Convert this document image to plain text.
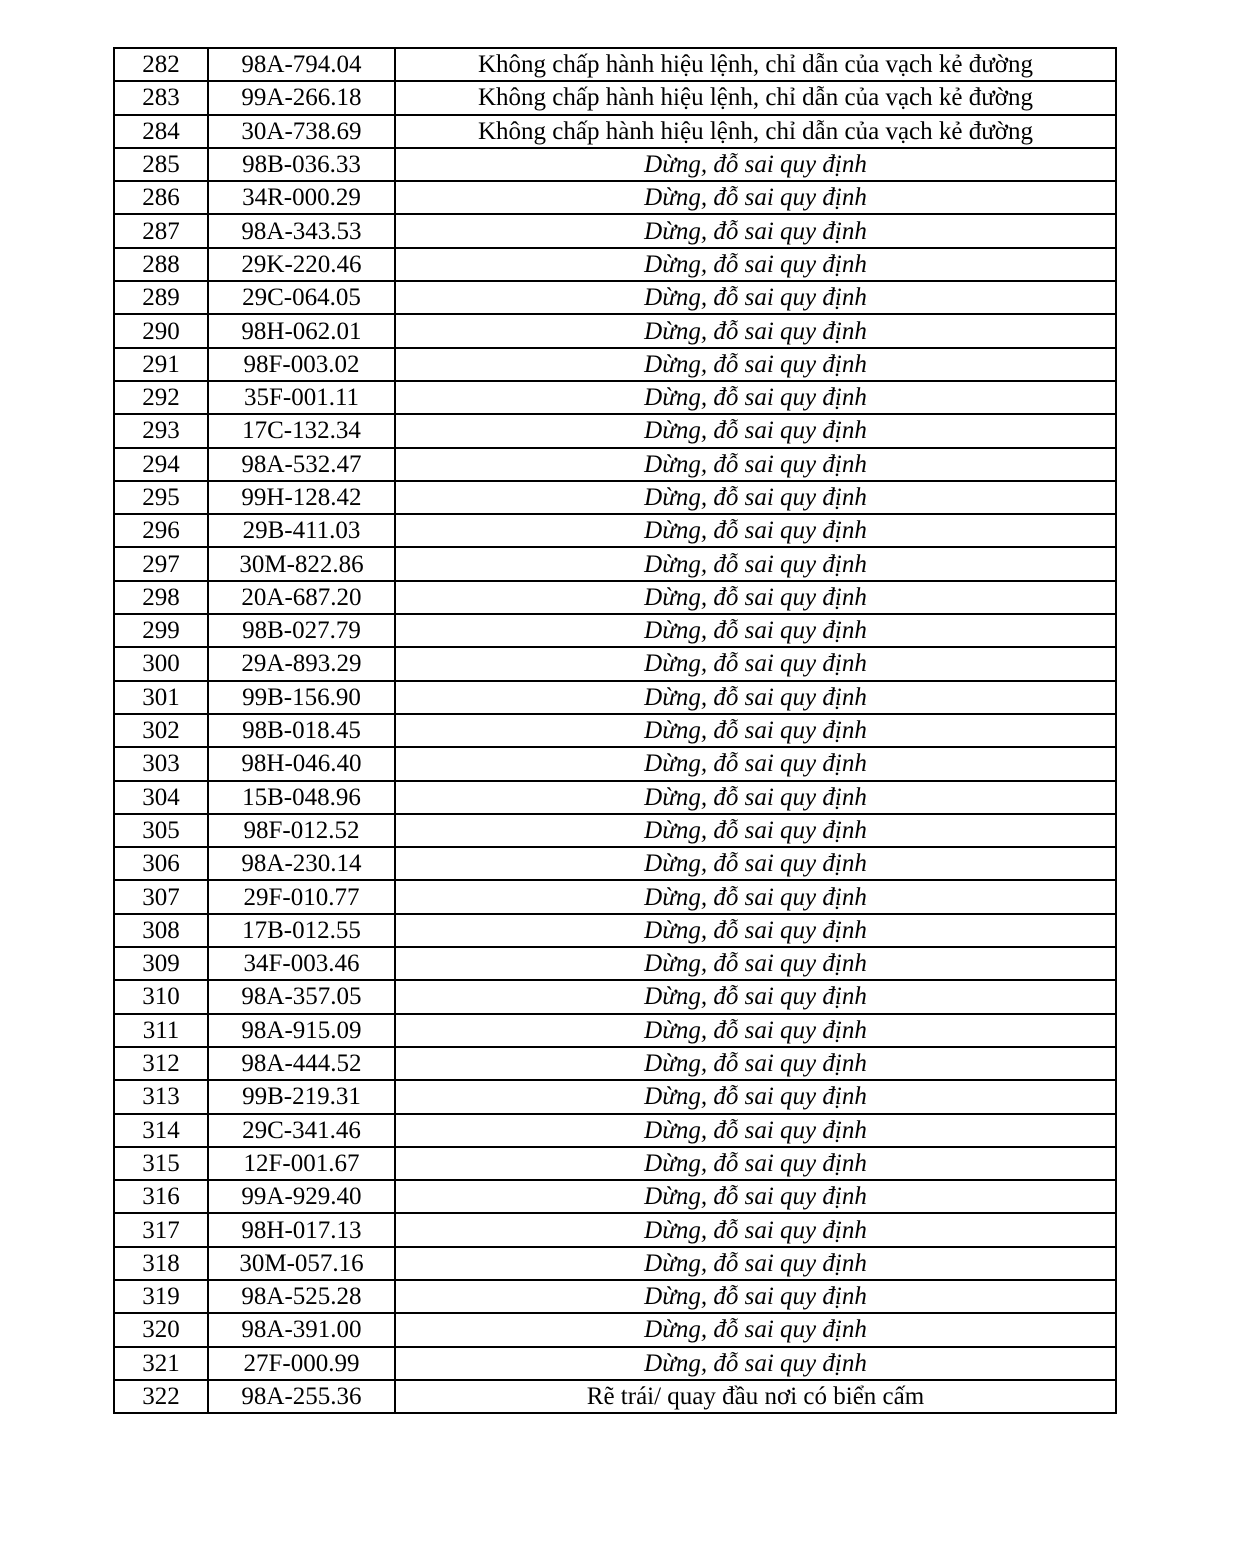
282	98A-794.04	Không chấp hành hiệu lệnh, chỉ dẫn của vạch kẻ đường
283	99A-266.18	Không chấp hành hiệu lệnh, chỉ dẫn của vạch kẻ đường
284	30A-738.69	Không chấp hành hiệu lệnh, chỉ dẫn của vạch kẻ đường
285	98B-036.33	Dừng, đỗ sai quy định
286	34R-000.29	Dừng, đỗ sai quy định
287	98A-343.53	Dừng, đỗ sai quy định
288	29K-220.46	Dừng, đỗ sai quy định
289	29C-064.05	Dừng, đỗ sai quy định
290	98H-062.01	Dừng, đỗ sai quy định
291	98F-003.02	Dừng, đỗ sai quy định
292	35F-001.11	Dừng, đỗ sai quy định
293	17C-132.34	Dừng, đỗ sai quy định
294	98A-532.47	Dừng, đỗ sai quy định
295	99H-128.42	Dừng, đỗ sai quy định
296	29B-411.03	Dừng, đỗ sai quy định
297	30M-822.86	Dừng, đỗ sai quy định
298	20A-687.20	Dừng, đỗ sai quy định
299	98B-027.79	Dừng, đỗ sai quy định
300	29A-893.29	Dừng, đỗ sai quy định
301	99B-156.90	Dừng, đỗ sai quy định
302	98B-018.45	Dừng, đỗ sai quy định
303	98H-046.40	Dừng, đỗ sai quy định
304	15B-048.96	Dừng, đỗ sai quy định
305	98F-012.52	Dừng, đỗ sai quy định
306	98A-230.14	Dừng, đỗ sai quy định
307	29F-010.77	Dừng, đỗ sai quy định
308	17B-012.55	Dừng, đỗ sai quy định
309	34F-003.46	Dừng, đỗ sai quy định
310	98A-357.05	Dừng, đỗ sai quy định
311	98A-915.09	Dừng, đỗ sai quy định
312	98A-444.52	Dừng, đỗ sai quy định
313	99B-219.31	Dừng, đỗ sai quy định
314	29C-341.46	Dừng, đỗ sai quy định
315	12F-001.67	Dừng, đỗ sai quy định
316	99A-929.40	Dừng, đỗ sai quy định
317	98H-017.13	Dừng, đỗ sai quy định
318	30M-057.16	Dừng, đỗ sai quy định
319	98A-525.28	Dừng, đỗ sai quy định
320	98A-391.00	Dừng, đỗ sai quy định
321	27F-000.99	Dừng, đỗ sai quy định
322	98A-255.36	Rẽ trái/ quay đầu nơi có biển cấm
